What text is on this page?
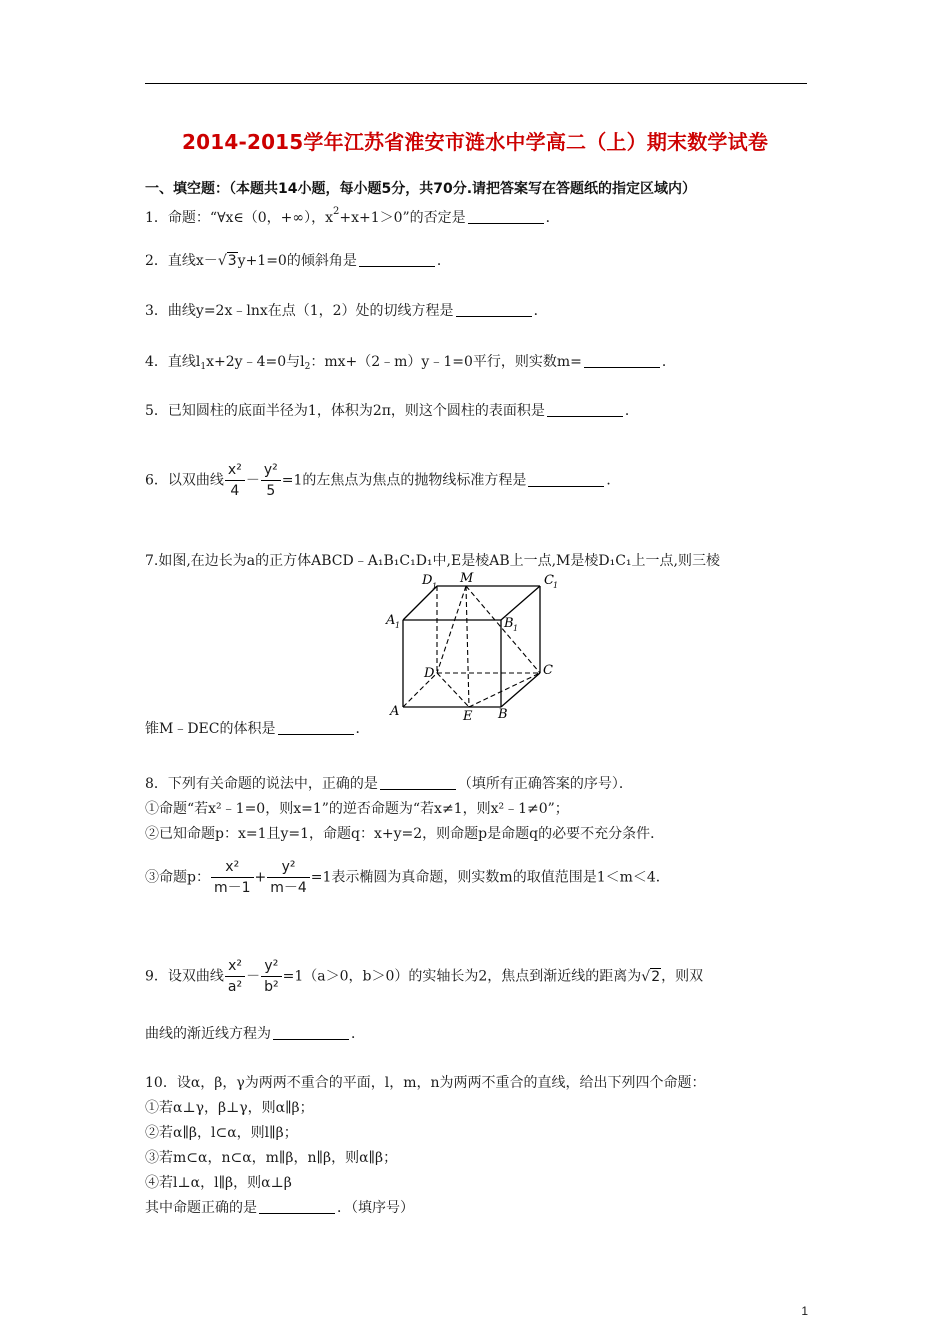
2014-2015学年江苏省淮安市涟水中学高二（上）期末数学试卷
一、填空题：（本题共14小题，每小题5分，共70分.请把答案写在答题纸的指定区域内）
1．命题：“∀x∈（0，+∞），$x^2+x+1>0$”的否定是	．
2．直线x－√3y+1=0的倾斜角是	．
3．曲线y=2x﹣lnx在点（1，2）处的切线方程是	．
4．直线$l_1x+2y﹣4=0$与$l_2$：mx+（2﹣m）y﹣1=0平行，则实数m=	．
5．已知圆柱的底面半径为1，体积为2π，则这个圆柱的表面积是	．
6．以双曲线 $\frac{\text{x²}}{4} - \frac{\text{y²}}{5} =1$的左焦点为焦点的抛物线标准方程是	．
7.如图,在边长为a的正方体ABCD﹣A₁B₁C₁D₁中,E是棱AB上一点,M是棱D₁C₁上一点,则三棱
D 1
M	C 1
A 1	B 1
D	C
A	E B
锥M﹣DEC的体积是	．
8．下列有关命题的说法中，正确的是	（填所有正确答案的序号）．
①命题“若x²﹣1=0，则x=1”的逆否命题为“若x≠1，则x²﹣1≠0”；
②已知命题p：x=1且y=1，命题q：x+y=2，则命题p是命题q的必要不充分条件．
③命题p： $\frac{\text{x²}}{m-1} + \frac{\text{y²}}{m-4} =1$表示椭圆为真命题，则实数m的取值范围是1＜m＜4．
9．设双曲线 $\frac{\text{x²}}{\text{a²}} - \frac{\text{y²}}{\text{b²}} =1(a>0$，b＞0）的实轴长为2，焦点到渐近线的距离为√2，则双
曲线的渐近线方程为	．
10．设α，β，γ为两两不重合的平面，l，m，n为两两不重合的直线，给出下列四个命题：
①若α⊥γ，β⊥γ，则α∥β；
②若α∥β，l⊂α，则l∥β；
③若m⊂α，n⊂α，m∥β，n∥β，则α∥β；
④若l⊥α，l∥β，则α⊥β
其中命题正确的是	．（填序号）
1
